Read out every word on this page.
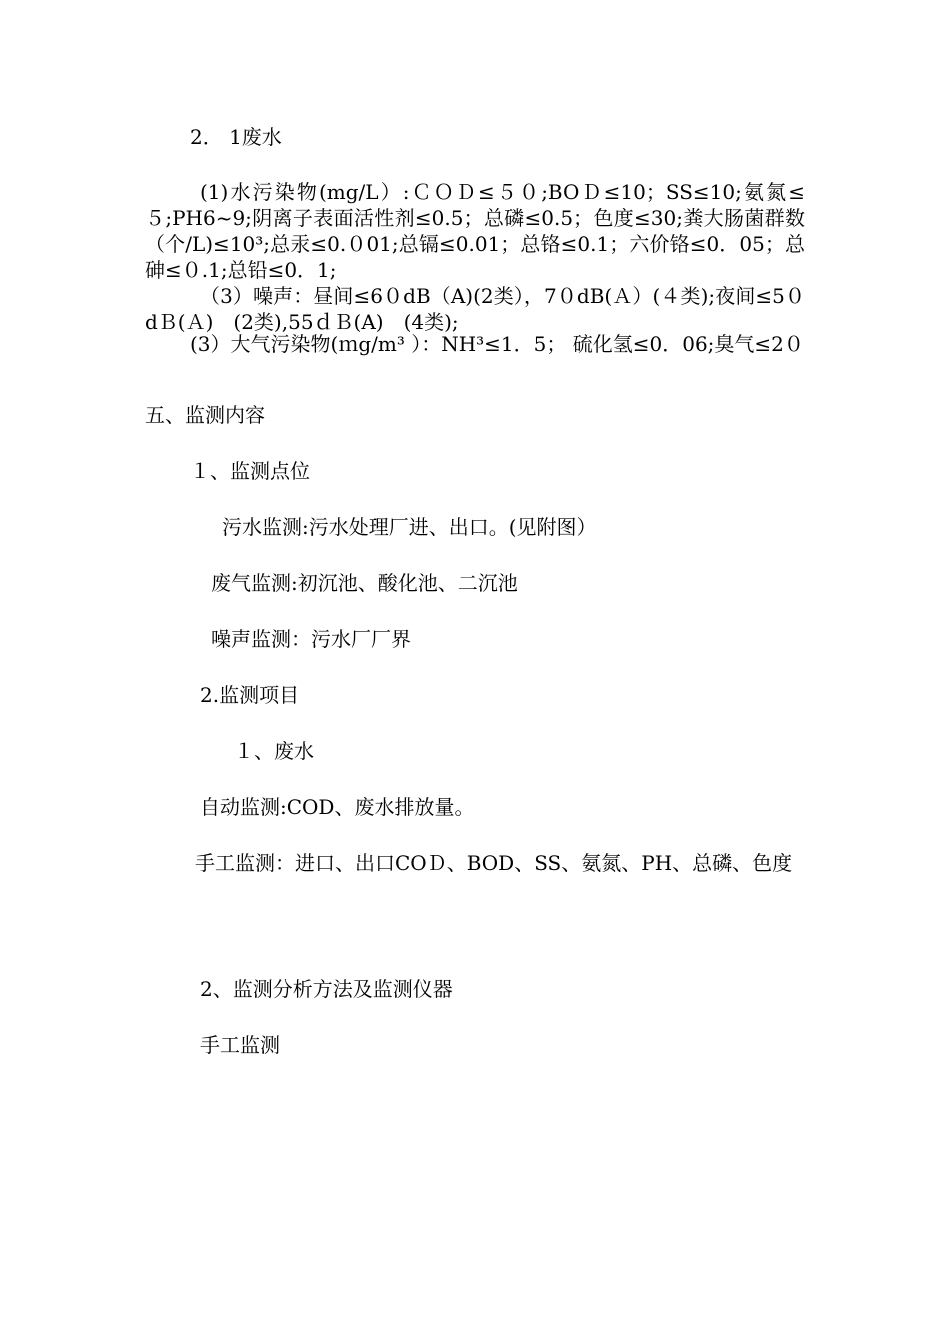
2． 1废水
(1)水污染物(mg/L）:ＣＯＤ≤５０;BOＤ≤10；SS≤10;氨氮≤５;PH6~9;阴离子表面活性剂≤0.5；总磷≤0.5；色度≤30;粪大肠菌群数（个/L)≤10³;总汞≤0.０01;总镉≤0.01；总铬≤0.1；六价铬≤0．05；总砷≤０.1;总铅≤0．1;
（3）噪声：昼间≤6０dB（A)(2类），7０dB(Ａ）(４类);夜间≤5０dＢ(Ａ)　(2类),55ｄＢ(A)　(4类);
(3）大气污染物(ｍg/m³ ）：NH³≤1．5； 硫化氢≤0．06;臭气≤2０
五、监测内容
１、监测点位
污水监测:污水处理厂进、出口。(见附图）
废气监测:初沉池、酸化池、二沉池
噪声监测：污水厂厂界
2.监测项目
１、废水
自动监测:COD、废水排放量。
手工监测：进口、出口COＤ、BOD、SS、氨氮、PH、总磷、色度
2、监测分析方法及监测仪器
手工监测
